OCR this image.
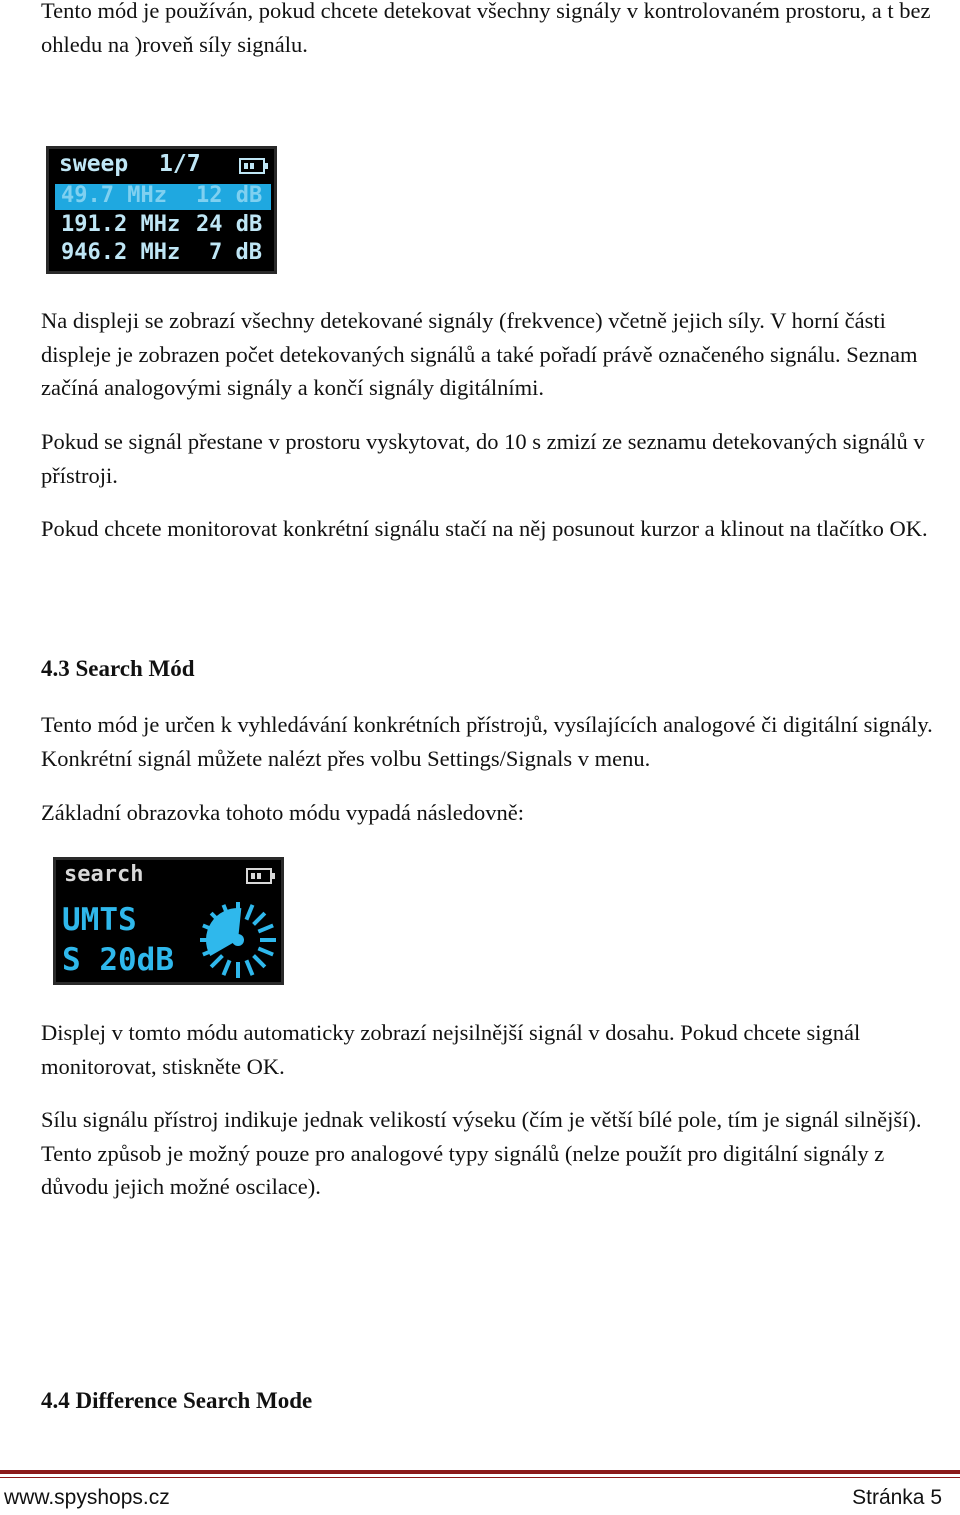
Tento mód je používán, pokud chcete detekovat všechny signály v kontrolovaném prostoru, a t bez ohledu na )roveň síly signálu.

sweep 1/7
49.7 MHz 12 dB
191.2 MHz 24 dB
946.2 MHz 7 dB

Na displeji se zobrazí všechny detekované signály (frekvence) včetně jejich síly. V horní části displeje je zobrazen počet detekovaných signálů a také pořadí právě označeného signálu. Seznam začíná analogovými signály a končí signály digitálními.

Pokud se signál přestane v prostoru vyskytovat, do 10 s zmizí ze seznamu detekovaných signálů v přístroji.

Pokud chcete monitorovat konkrétní signálu stačí na něj posunout kurzor a klinout na tlačítko OK.

4.3 Search Mód

Tento mód je určen k vyhledávání konkrétních přístrojů, vysílajících analogové či digitální signály. Konkrétní signál můžete nalézt přes volbu Settings/Signals v menu.

Základní obrazovka tohoto módu vypadá následovně:

search
UMTS
S 20dB

Displej v tomto módu automaticky zobrazí nejsilnější signál v dosahu. Pokud chcete signál monitorovat, stiskněte OK.

Sílu signálu přístroj indikuje jednak velikostí výseku (čím je větší bílé pole, tím je signál silnější). Tento způsob je možný pouze pro analogové typy signálů (nelze použít pro digitální signály z důvodu jejich možné oscilace).

4.4 Difference Search Mode
www.spyshops.cz	Stránka 5
